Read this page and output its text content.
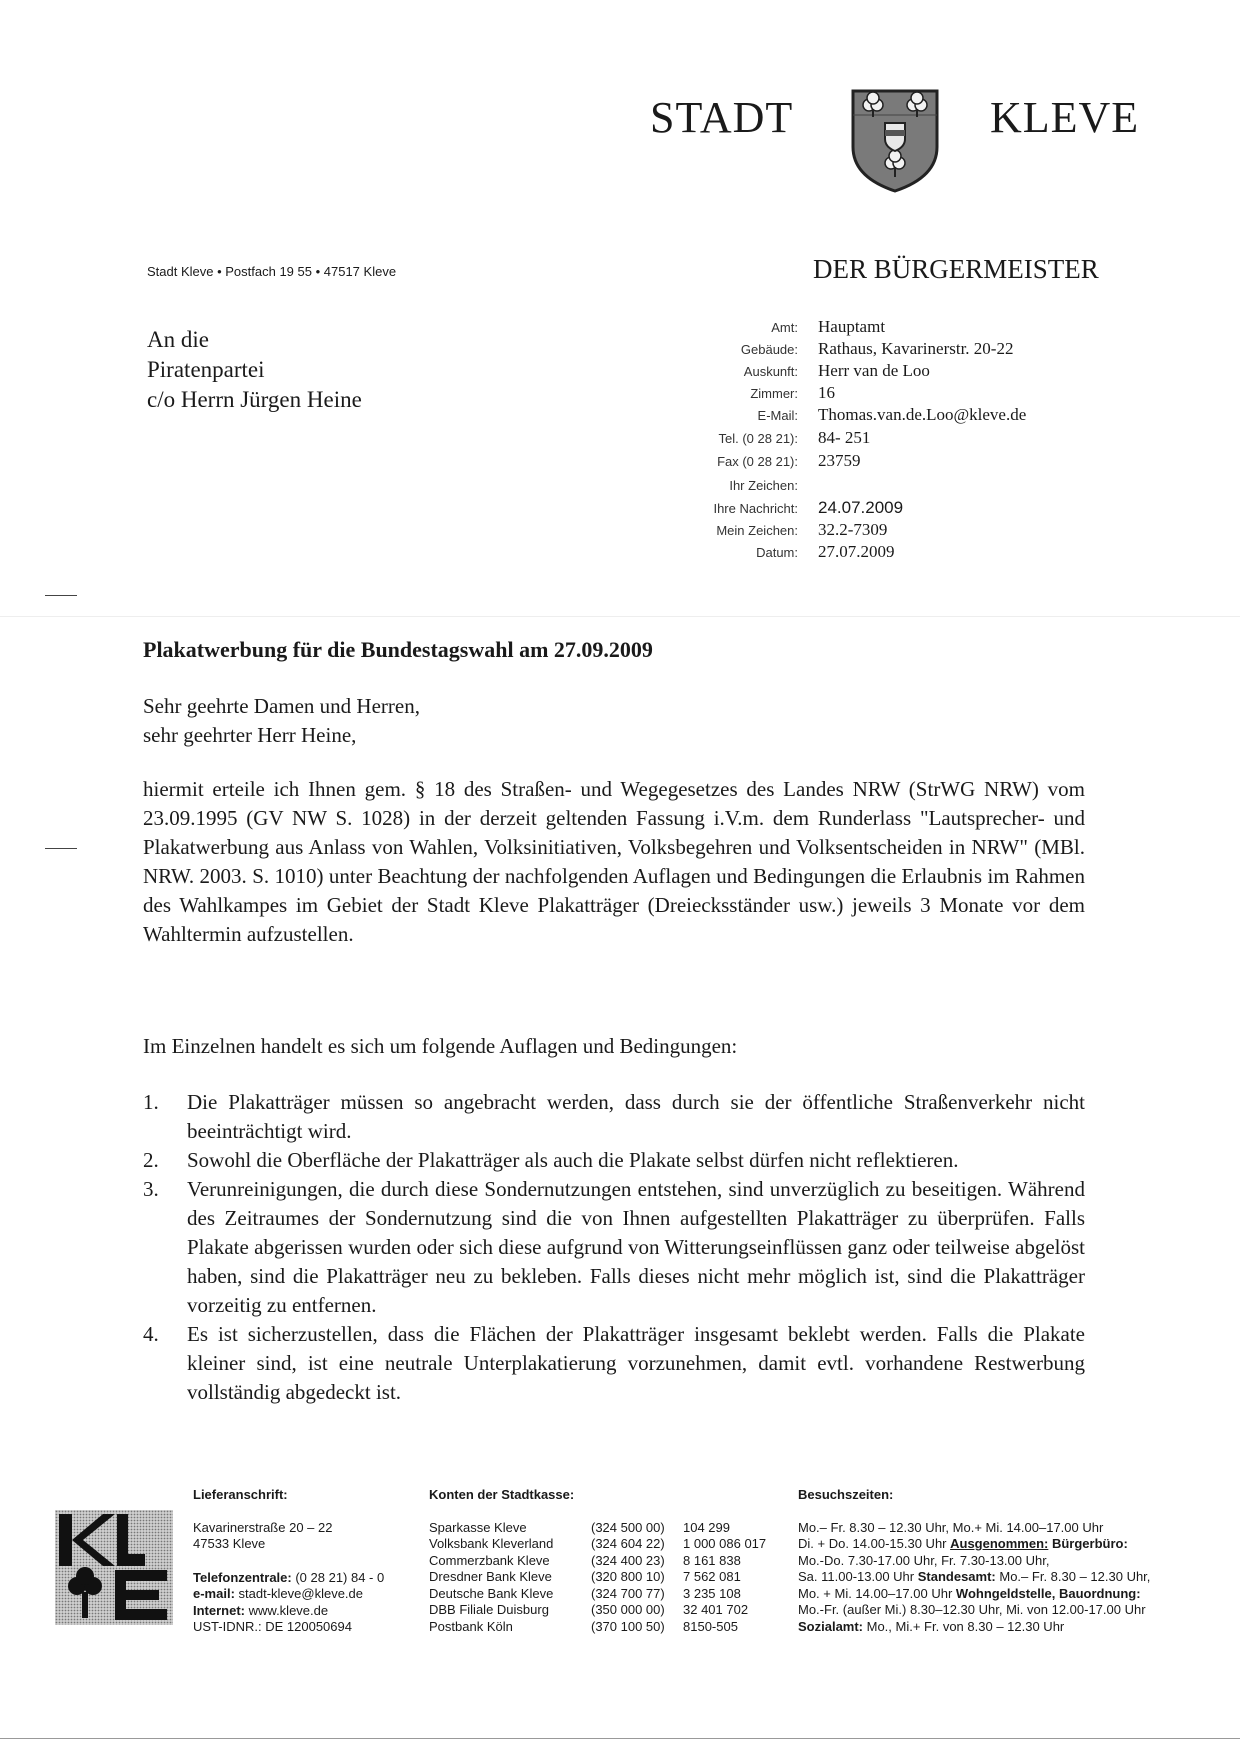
STADT	KLEVE
Stadt Kleve • Postfach 19 55 • 47517 Kleve	DER BÜRGERMEISTER
An die
Piratenpartei
c/o Herrn Jürgen Heine
Amt: Hauptamt
Gebäude: Rathaus, Kavarinerstr. 20-22
Auskunft: Herr van de Loo
Zimmer: 16
E-Mail: Thomas.van.de.Loo@kleve.de
Tel. (0 28 21): 84- 251
Fax (0 28 21): 23759
Ihr Zeichen:
Ihre Nachricht: 24.07.2009
Mein Zeichen: 32.2-7309
Datum: 27.07.2009
Plakatwerbung für die Bundestagswahl am 27.09.2009
Sehr geehrte Damen und Herren,
sehr geehrter Herr Heine,
hiermit erteile ich Ihnen gem. § 18 des Straßen- und Wegegesetzes des Landes NRW (StrWG NRW) vom 23.09.1995 (GV NW S. 1028) in der derzeit geltenden Fassung i.V.m. dem Runderlass "Lautsprecher- und Plakatwerbung aus Anlass von Wahlen, Volksinitiativen, Volksbegehren und Volksentscheiden in NRW" (MBl. NRW. 2003. S. 1010) unter Beachtung der nachfolgenden Auflagen und Bedingungen die Erlaubnis im Rahmen des Wahlkampes im Gebiet der Stadt Kleve Plakatträger (Dreiecksständer usw.) jeweils 3 Monate vor dem Wahltermin aufzustellen.
Im Einzelnen handelt es sich um folgende Auflagen und Bedingungen:
1. Die Plakatträger müssen so angebracht werden, dass durch sie der öffentliche Straßenverkehr nicht beeinträchtigt wird.
2. Sowohl die Oberfläche der Plakatträger als auch die Plakate selbst dürfen nicht reflektieren.
3. Verunreinigungen, die durch diese Sondernutzungen entstehen, sind unverzüglich zu beseitigen. Während des Zeitraumes der Sondernutzung sind die von Ihnen aufgestellten Plakatträger zu überprüfen. Falls Plakate abgerissen wurden oder sich diese aufgrund von Witterungseinflüssen ganz oder teilweise abgelöst haben, sind die Plakatträger neu zu bekleben. Falls dieses nicht mehr möglich ist, sind die Plakatträger vorzeitig zu entfernen.
4. Es ist sicherzustellen, dass die Flächen der Plakatträger insgesamt beklebt werden. Falls die Plakate kleiner sind, ist eine neutrale Unterplakatierung vorzunehmen, damit evtl. vorhandene Restwerbung vollständig abgedeckt ist.
Lieferanschrift:
Kavarinerstraße 20 – 22
47533 Kleve
Telefonzentrale: (0 28 21) 84 - 0
e-mail: stadt-kleve@kleve.de
Internet: www.kleve.de
UST-IDNR.: DE 120050694
Konten der Stadtkasse:
Sparkasse Kleve	(324 500 00)	104 299
Volksbank Kleverland	(324 604 22)	1 000 086 017
Commerzbank Kleve	(324 400 23)	8 161 838
Dresdner Bank Kleve	(320 800 10)	7 562 081
Deutsche Bank Kleve	(324 700 77)	3 235 108
DBB Filiale Duisburg	(350 000 00)	32 401 702
Postbank Köln	(370 100 50)	8150-505
Besuchszeiten:
Mo.– Fr. 8.30 – 12.30 Uhr, Mo.+ Mi. 14.00–17.00 Uhr
Di. + Do. 14.00-15.30 Uhr Ausgenommen: Bürgerbüro:
Mo.-Do. 7.30-17.00 Uhr, Fr. 7.30-13.00 Uhr,
Sa. 11.00-13.00 Uhr Standesamt: Mo.– Fr. 8.30 – 12.30 Uhr,
Mo. + Mi. 14.00–17.00 Uhr Wohngeldstelle, Bauordnung:
Mo.-Fr. (außer Mi.) 8.30–12.30 Uhr, Mi. von 12.00-17.00 Uhr
Sozialamt: Mo., Mi.+ Fr. von 8.30 – 12.30 Uhr
